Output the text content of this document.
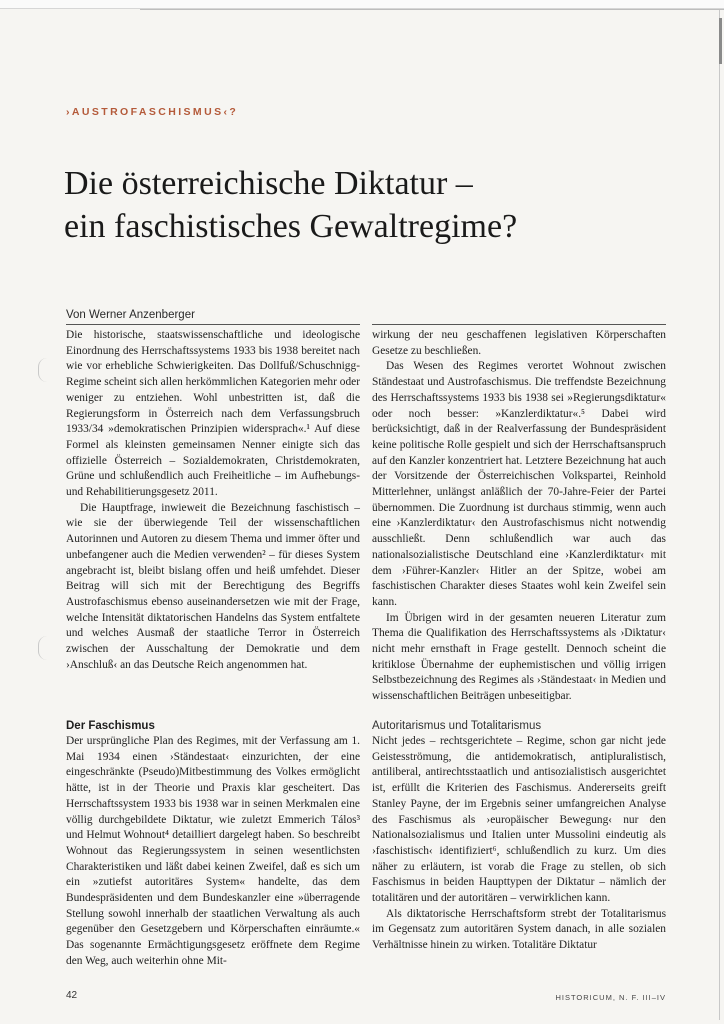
›AUSTROFASCHISMUS‹?
Die österreichische Diktatur –
ein faschistisches Gewaltregime?
Von Werner Anzenberger

Die historische, staatswissenschaftliche und ideologische Einordnung des Herrschaftssystems 1933 bis 1938 bereitet nach wie vor erhebliche Schwierigkeiten. Das Dollfuß/Schuschnigg-Regime scheint sich allen herkömmlichen Kategorien mehr oder weniger zu entziehen. Wohl unbestritten ist, daß die Regierungsform in Österreich nach dem Verfassungsbruch 1933/34 »demokratischen Prinzipien widersprach«.¹ Auf diese Formel als kleinsten gemeinsamen Nenner einigte sich das offizielle Österreich – Sozialdemokraten, Christdemokraten, Grüne und schlußendlich auch Freiheitliche – im Aufhebungs- und Rehabilitierungsgesetz 2011.

Die Hauptfrage, inwieweit die Bezeichnung faschistisch – wie sie der überwiegende Teil der wissenschaftlichen Autorinnen und Autoren zu diesem Thema und immer öfter und unbefangener auch die Medien verwenden² – für dieses System angebracht ist, bleibt bislang offen und heiß umfehdet. Dieser Beitrag will sich mit der Berechtigung des Begriffs Austrofaschismus ebenso auseinandersetzen wie mit der Frage, welche Intensität diktatorischen Handelns das System entfaltete und welches Ausmaß der staatliche Terror in Österreich zwischen der Ausschaltung der Demokratie und dem ›Anschluß‹ an das Deutsche Reich angenommen hat.

wirkung der neu geschaffenen legislativen Körperschaften Gesetze zu beschließen.

Das Wesen des Regimes verortet Wohnout zwischen Ständestaat und Austrofaschismus. Die treffendste Bezeichnung des Herrschaftssystems 1933 bis 1938 sei »Regierungsdiktatur« oder noch besser: »Kanzlerdiktatur«.⁵ Dabei wird berücksichtigt, daß in der Realverfassung der Bundespräsident keine politische Rolle gespielt und sich der Herrschaftsanspruch auf den Kanzler konzentriert hat. Letztere Bezeichnung hat auch der Vorsitzende der Österreichischen Volkspartei, Reinhold Mitterlehner, unlängst anläßlich der 70-Jahre-Feier der Partei übernommen. Die Zuordnung ist durchaus stimmig, wenn auch eine ›Kanzlerdiktatur‹ den Austrofaschismus nicht notwendig ausschließt. Denn schlußendlich war auch das nationalsozialistische Deutschland eine ›Kanzlerdiktatur‹ mit dem ›Führer-Kanzler‹ Hitler an der Spitze, wobei am faschistischen Charakter dieses Staates wohl kein Zweifel sein kann.

Im Übrigen wird in der gesamten neueren Literatur zum Thema die Qualifikation des Herrschaftssystems als ›Diktatur‹ nicht mehr ernsthaft in Frage gestellt. Dennoch scheint die kritiklose Übernahme der euphemistischen und völlig irrigen Selbstbezeichnung des Regimes als ›Ständestaat‹ in Medien und wissenschaftlichen Beiträgen unbeseitigbar.

Der Faschismus

Der ursprüngliche Plan des Regimes, mit der Verfassung am 1. Mai 1934 einen ›Ständestaat‹ einzurichten, der eine eingeschränkte (Pseudo)Mitbestimmung des Volkes ermöglicht hätte, ist in der Theorie und Praxis klar gescheitert. Das Herrschaftssystem 1933 bis 1938 war in seinen Merkmalen eine völlig durchgebildete Diktatur, wie zuletzt Emmerich Tálos³ und Helmut Wohnout⁴ detailliert dargelegt haben. So beschreibt Wohnout das Regierungssystem in seinen wesentlichsten Charakteristiken und läßt dabei keinen Zweifel, daß es sich um ein »zutiefst autoritäres System« handelte, das dem Bundespräsidenten und dem Bundeskanzler eine »überragende Stellung sowohl innerhalb der staatlichen Verwaltung als auch gegenüber den Gesetzgebern und Körperschaften einräumte.« Das sogenannte Ermächtigungsgesetz eröffnete dem Regime den Weg, auch weiterhin ohne Mit-

Autoritarismus und Totalitarismus

Nicht jedes – rechtsgerichtete – Regime, schon gar nicht jede Geistesströmung, die antidemokratisch, antipluralistisch, antiliberal, antirechtsstaatlich und antisozialistisch ausgerichtet ist, erfüllt die Kriterien des Faschismus. Andererseits greift Stanley Payne, der im Ergebnis seiner umfangreichen Analyse des Faschismus als ›europäischer Bewegung‹ nur den Nationalsozialismus und Italien unter Mussolini eindeutig als ›faschistisch‹ identifiziert⁶, schlußendlich zu kurz. Um dies näher zu erläutern, ist vorab die Frage zu stellen, ob sich Faschismus in beiden Haupttypen der Diktatur – nämlich der totalitären und der autoritären – verwirklichen kann.

Als diktatorische Herrschaftsform strebt der Totalitarismus im Gegensatz zum autoritären System danach, in alle sozialen Verhältnisse hinein zu wirken. Totalitäre Diktatur

42	HISTORICUM, N. F. III–IV
